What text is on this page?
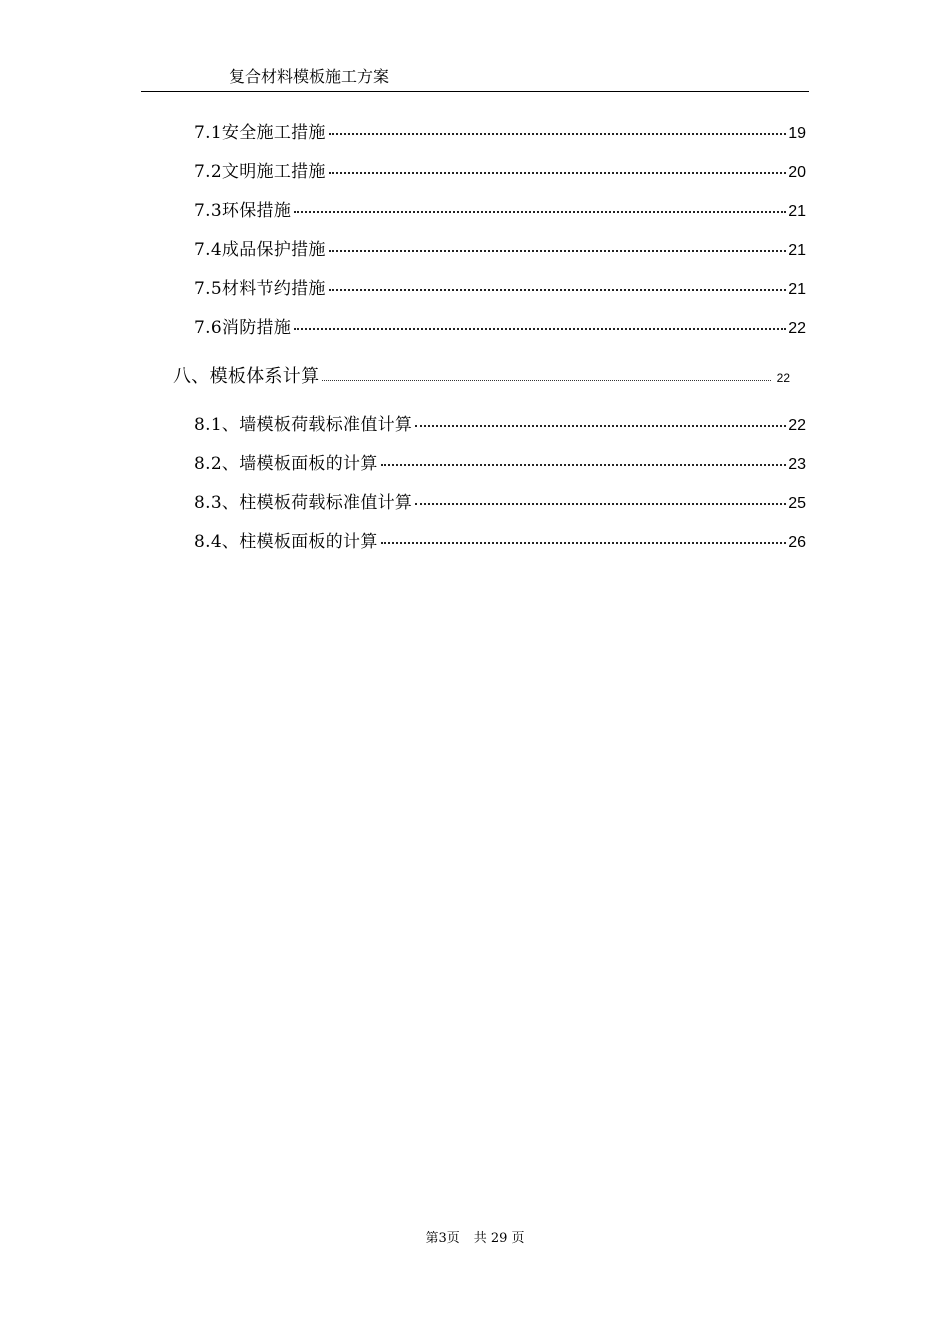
复合材料模板施工方案
7.1安全施工措施	19
7.2文明施工措施	20
7.3环保措施	21
7.4成品保护措施	21
7.5材料节约措施	21
7.6消防措施	22
八、模板体系计算	22
8.1、墙模板荷载标准值计算	22
8.2、墙模板面板的计算	23
8.3、柱模板荷载标准值计算	25
8.4、柱模板面板的计算	26
第3页 共 29 页
